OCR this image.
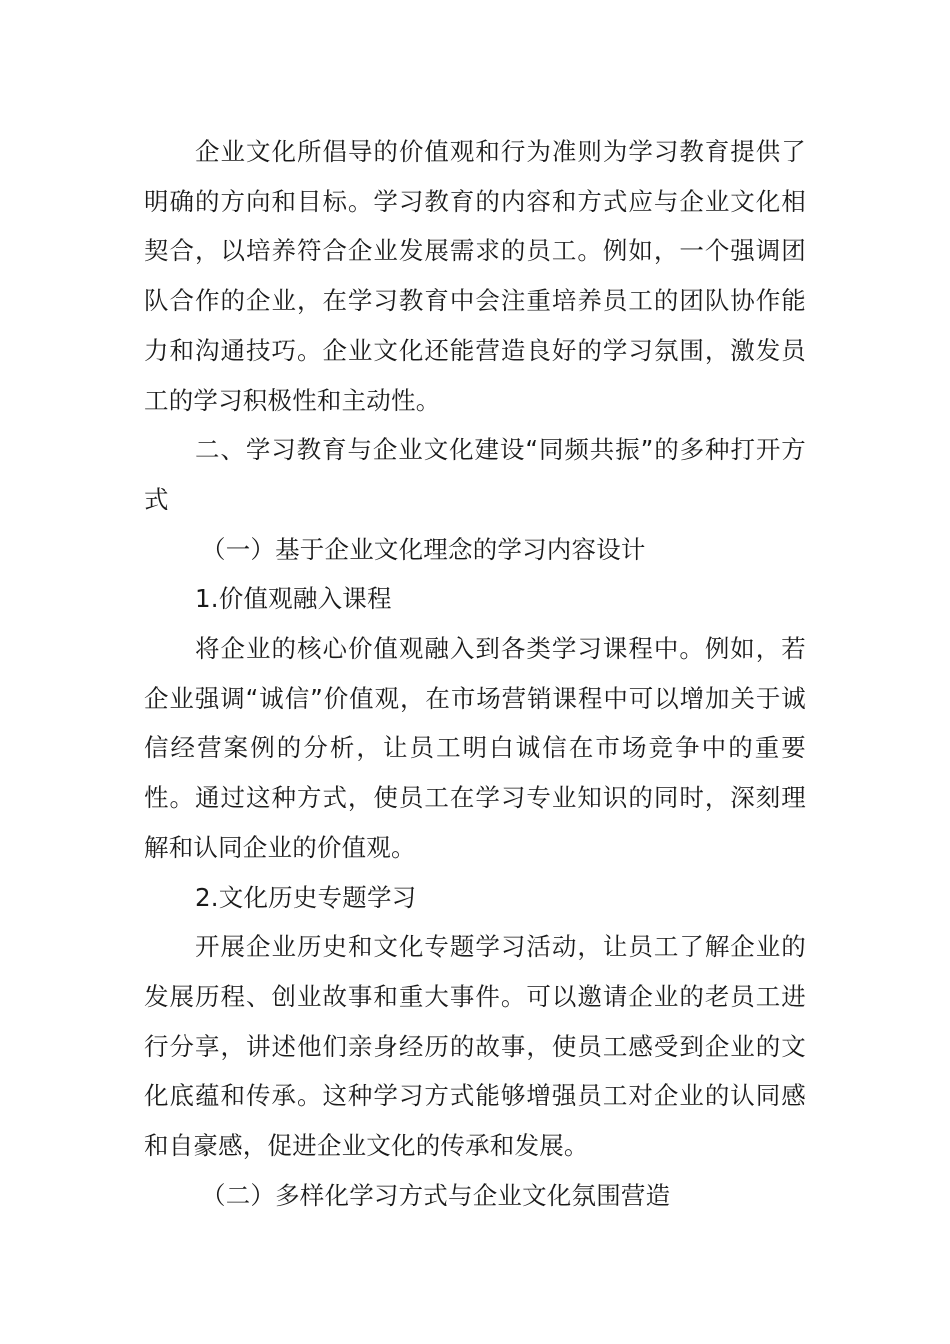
企业文化所倡导的价值观和行为准则为学习教育提供了明确的方向和目标。学习教育的内容和方式应与企业文化相契合，以培养符合企业发展需求的员工。例如，一个强调团队合作的企业，在学习教育中会注重培养员工的团队协作能力和沟通技巧。企业文化还能营造良好的学习氛围，激发员工的学习积极性和主动性。

二、学习教育与企业文化建设“同频共振”的多种打开方式

（一）基于企业文化理念的学习内容设计

1.价值观融入课程

将企业的核心价值观融入到各类学习课程中。例如，若企业强调“诚信”价值观，在市场营销课程中可以增加关于诚信经营案例的分析，让员工明白诚信在市场竞争中的重要性。通过这种方式，使员工在学习专业知识的同时，深刻理解和认同企业的价值观。

2.文化历史专题学习

开展企业历史和文化专题学习活动，让员工了解企业的发展历程、创业故事和重大事件。可以邀请企业的老员工进行分享，讲述他们亲身经历的故事，使员工感受到企业的文化底蕴和传承。这种学习方式能够增强员工对企业的认同感和自豪感，促进企业文化的传承和发展。

（二）多样化学习方式与企业文化氛围营造
